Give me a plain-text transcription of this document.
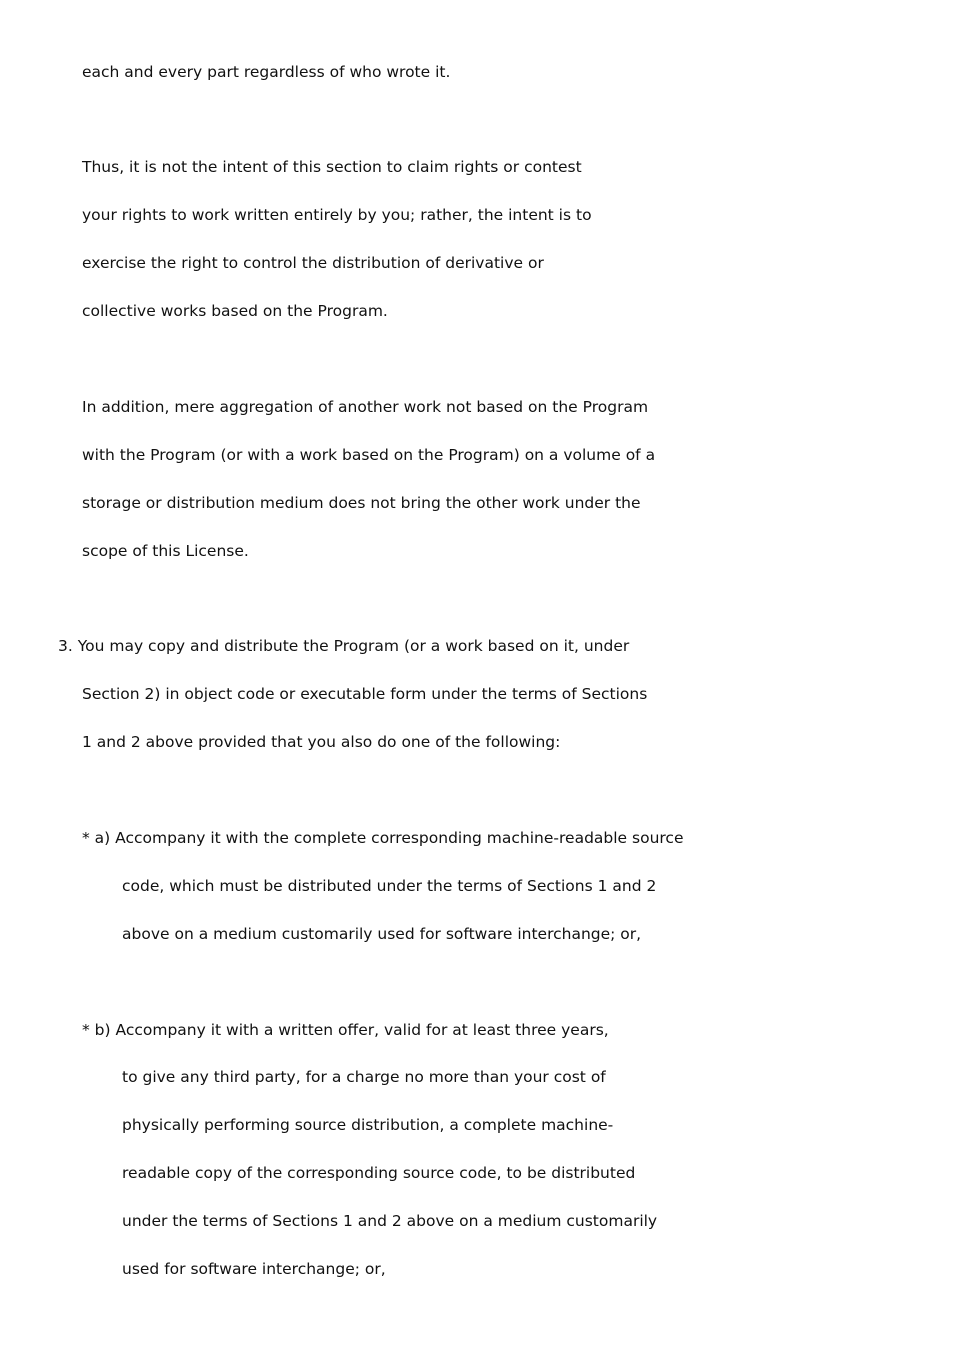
each and every part regardless of who wrote it.
Thus, it is not the intent of this section to claim rights or contest
your rights to work written entirely by you; rather, the intent is to
exercise the right to control the distribution of derivative or
collective works based on the Program.
In addition, mere aggregation of another work not based on the Program
with the Program (or with a work based on the Program) on a volume of a
storage or distribution medium does not bring the other work under the
scope of this License.
3. You may copy and distribute the Program (or a work based on it, under
Section 2) in object code or executable form under the terms of Sections
1 and 2 above provided that you also do one of the following:
* a) Accompany it with the complete corresponding machine-readable source
code, which must be distributed under the terms of Sections 1 and 2
above on a medium customarily used for software interchange; or,
* b) Accompany it with a written offer, valid for at least three years,
to give any third party, for a charge no more than your cost of
physically performing source distribution, a complete machine-
readable copy of the corresponding source code, to be distributed
under the terms of Sections 1 and 2 above on a medium customarily
used for software interchange; or,
